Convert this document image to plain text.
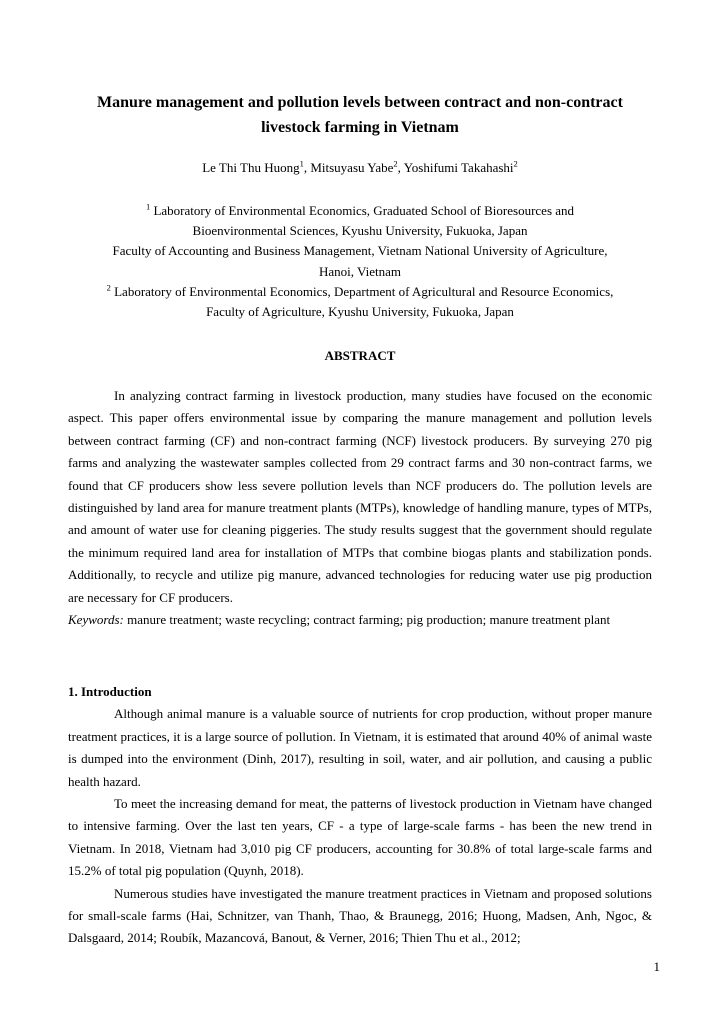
Manure management and pollution levels between contract and non-contract
livestock farming in Vietnam
Le Thi Thu Huong$^1$, Mitsuyasu Yabe$^2$, Yoshifumi Takahashi$^2$
$^1$ Laboratory of Environmental Economics, Graduated School of Bioresources and
Bioenvironmental Sciences, Kyushu University, Fukuoka, Japan
Faculty of Accounting and Business Management, Vietnam National University of Agriculture,
Hanoi, Vietnam
$^2$ Laboratory of Environmental Economics, Department of Agricultural and Resource Economics,
Faculty of Agriculture, Kyushu University, Fukuoka, Japan
ABSTRACT

In analyzing contract farming in livestock production, many studies have focused on the economic aspect. This paper offers environmental issue by comparing the manure management and pollution levels between contract farming (CF) and non-contract farming (NCF) livestock producers. By surveying 270 pig farms and analyzing the wastewater samples collected from 29 contract farms and 30 non-contract farms, we found that CF producers show less severe pollution levels than NCF producers do. The pollution levels are distinguished by land area for manure treatment plants (MTPs), knowledge of handling manure, types of MTPs, and amount of water use for cleaning piggeries. The study results suggest that the government should regulate the minimum required land area for installation of MTPs that combine biogas plants and stabilization ponds. Additionally, to recycle and utilize pig manure, advanced technologies for reducing water use pig production are necessary for CF producers.

Keywords: manure treatment; waste recycling; contract farming; pig production; manure treatment plant

1. Introduction

Although animal manure is a valuable source of nutrients for crop production, without proper manure treatment practices, it is a large source of pollution. In Vietnam, it is estimated that around 40% of animal waste is dumped into the environment (Dinh, 2017), resulting in soil, water, and air pollution, and causing a public health hazard.

To meet the increasing demand for meat, the patterns of livestock production in Vietnam have changed to intensive farming. Over the last ten years, CF - a type of large-scale farms - has been the new trend in Vietnam. In 2018, Vietnam had 3,010 pig CF producers, accounting for 30.8% of total large-scale farms and 15.2% of total pig population (Quynh, 2018).

Numerous studies have investigated the manure treatment practices in Vietnam and proposed solutions for small-scale farms (Hai, Schnitzer, van Thanh, Thao, & Braunegg, 2016; Huong, Madsen, Anh, Ngoc, & Dalsgaard, 2014; Roubík, Mazancová, Banout, & Verner, 2016; Thien Thu et al., 2012;

1
